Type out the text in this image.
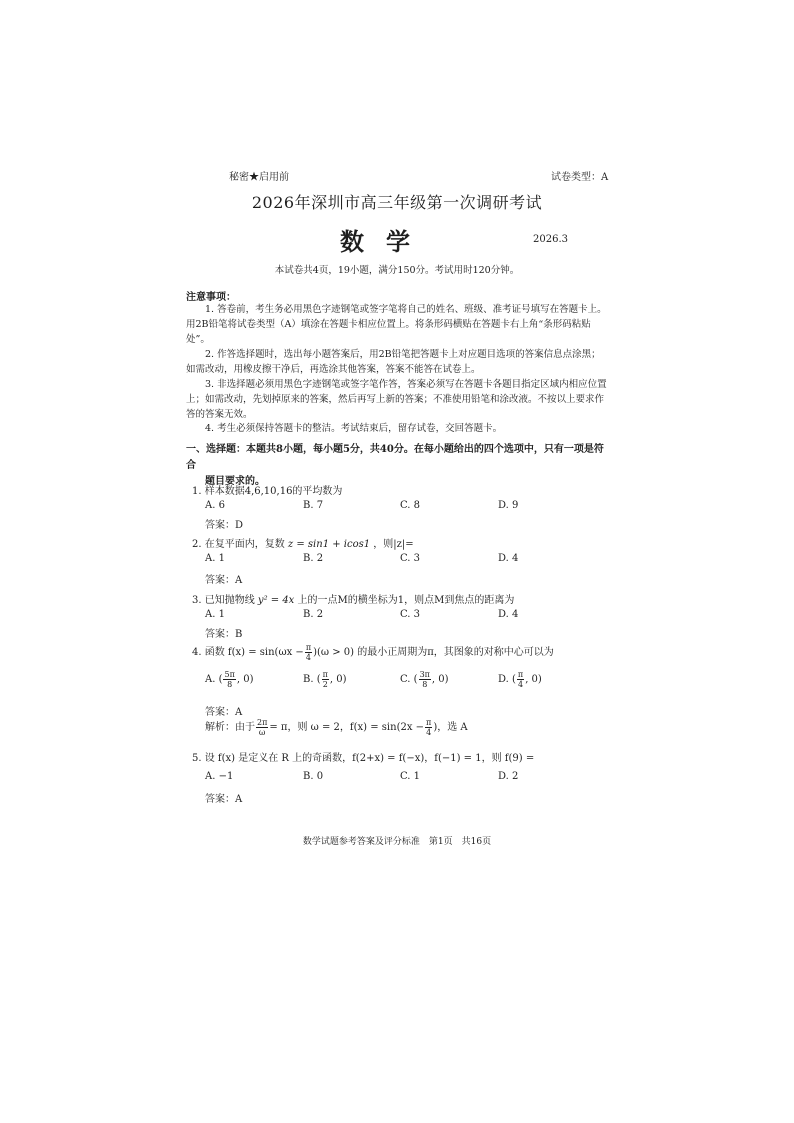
秘密★启用前	试卷类型：A
2026年深圳市高三年级第一次调研考试
数学	2026.3
本试卷共4页，19小题，满分150分。考试用时120分钟。
注意事项：
1. 答卷前，考生务必用黑色字迹钢笔或签字笔将自己的姓名、班级、准考证号填写在答题卡上。用2B铅笔将试卷类型（A）填涂在答题卡相应位置上。将条形码横贴在答题卡右上角“条形码粘贴处”。
2. 作答选择题时，选出每小题答案后，用2B铅笔把答题卡上对应题目选项的答案信息点涂黑；如需改动，用橡皮擦干净后，再选涂其他答案，答案不能答在试卷上。
3. 非选择题必须用黑色字迹钢笔或签字笔作答，答案必须写在答题卡各题目指定区域内相应位置上；如需改动，先划掉原来的答案，然后再写上新的答案；不准使用铅笔和涂改液。不按以上要求作答的答案无效。
4. 考生必须保持答题卡的整洁。考试结束后，留存试卷，交回答题卡。
一、选择题：本题共8小题，每小题5分，共40分。在每小题给出的四个选项中，只有一项是符合
题目要求的。
1. 样本数据4,6,10,16的平均数为
A. 6	B. 7	C. 8	D. 9
答案：D
2. 在复平面内，复数 z = sin1 + icos1 ，则|z|=
A. 1	B. 2	C. 3	D. 4
答案：A
3. 已知抛物线 y² = 4x 上的一点M的横坐标为1，则点M到焦点的距离为
A. 1	B. 2	C. 3	D. 4
答案：B
4. 函数 $f(x) = \sin(\omega x - \frac{\pi}{4} )(\omega > 0)$ 的最小正周期为π，其图象的对称中心可以为
A. ( $\frac{5\pi}{8}$ , 0)	B. ( $\frac{\pi}{2}$ , 0)	C. ( $\frac{3\pi}{8}$ , 0)	D. ( $\frac{\pi}{4}$ , 0)
答案：A
解析：由于 $\frac{2\pi}{\omega} = \pi$，则 ω = 2，$f(x) = \sin(2x - \frac{\pi}{4}$ )，选 A
5. 设 f(x) 是定义在 R 上的奇函数，f(2+x) = f(−x)，f(−1) = 1，则 f(9) =
A. −1	B. 0	C. 1	D. 2
答案：A
数学试题参考答案及评分标准　第1页　共16页
